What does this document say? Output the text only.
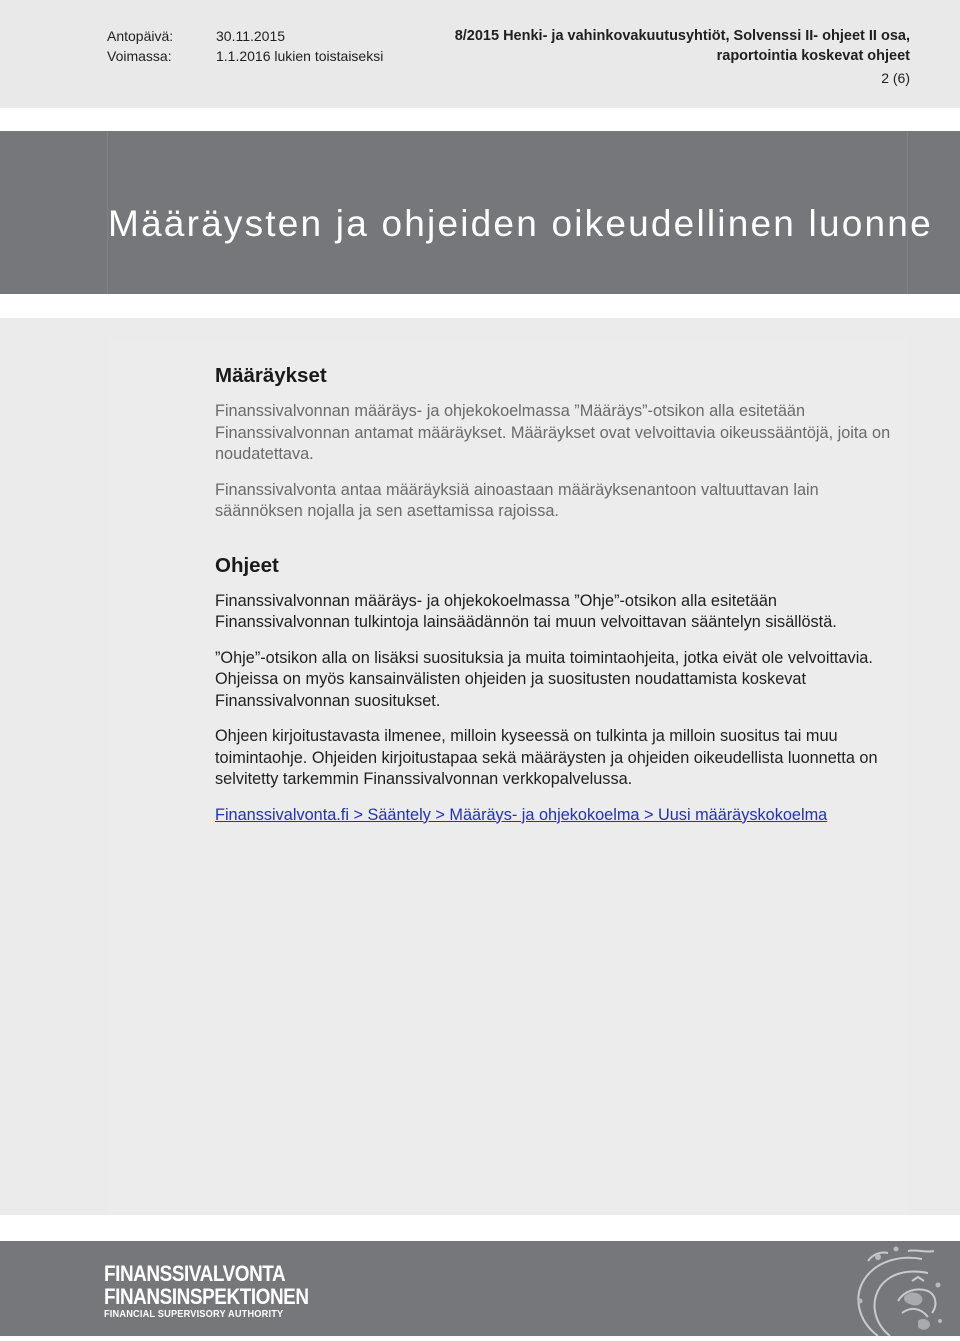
Antopäivä:	30.11.2015
Voimassa:	1.1.2016 lukien toistaiseksi
8/2015 Henki- ja vahinkovakuutusyhtiöt, Solvenssi II- ohjeet II osa,
raportointia koskevat ohjeet
2 (6)
Määräysten ja ohjeiden oikeudellinen luonne
Määräykset

Finanssivalvonnan määräys- ja ohjekokoelmassa ”Määräys”-otsikon alla esitetään Finanssivalvonnan antamat määräykset. Määräykset ovat velvoittavia oikeussääntöjä, joita on noudatettava.

Finanssivalvonta antaa määräyksiä ainoastaan määräyksenantoon valtuuttavan lain säännöksen nojalla ja sen asettamissa rajoissa.

Ohjeet

Finanssivalvonnan määräys- ja ohjekokoelmassa ”Ohje”-otsikon alla esitetään Finanssivalvonnan tulkintoja lainsäädännön tai muun velvoittavan sääntelyn sisällöstä.

”Ohje”-otsikon alla on lisäksi suosituksia ja muita toimintaohjeita, jotka eivät ole velvoittavia. Ohjeissa on myös kansainvälisten ohjeiden ja suositusten noudattamista koskevat Finanssivalvonnan suositukset.

Ohjeen kirjoitustavasta ilmenee, milloin kyseessä on tulkinta ja milloin suositus tai muu toimintaohje. Ohjeiden kirjoitustapaa sekä määräysten ja ohjeiden oikeudellista luonnetta on selvitetty tarkemmin Finanssivalvonnan verkkopalvelussa.

Finanssivalvonta.fi > Sääntely > Määräys- ja ohjekokoelma > Uusi määräyskokoelma

FINANSSIVALVONTA
FINANSINSPEKTIONEN
FINANCIAL SUPERVISORY AUTHORITY
